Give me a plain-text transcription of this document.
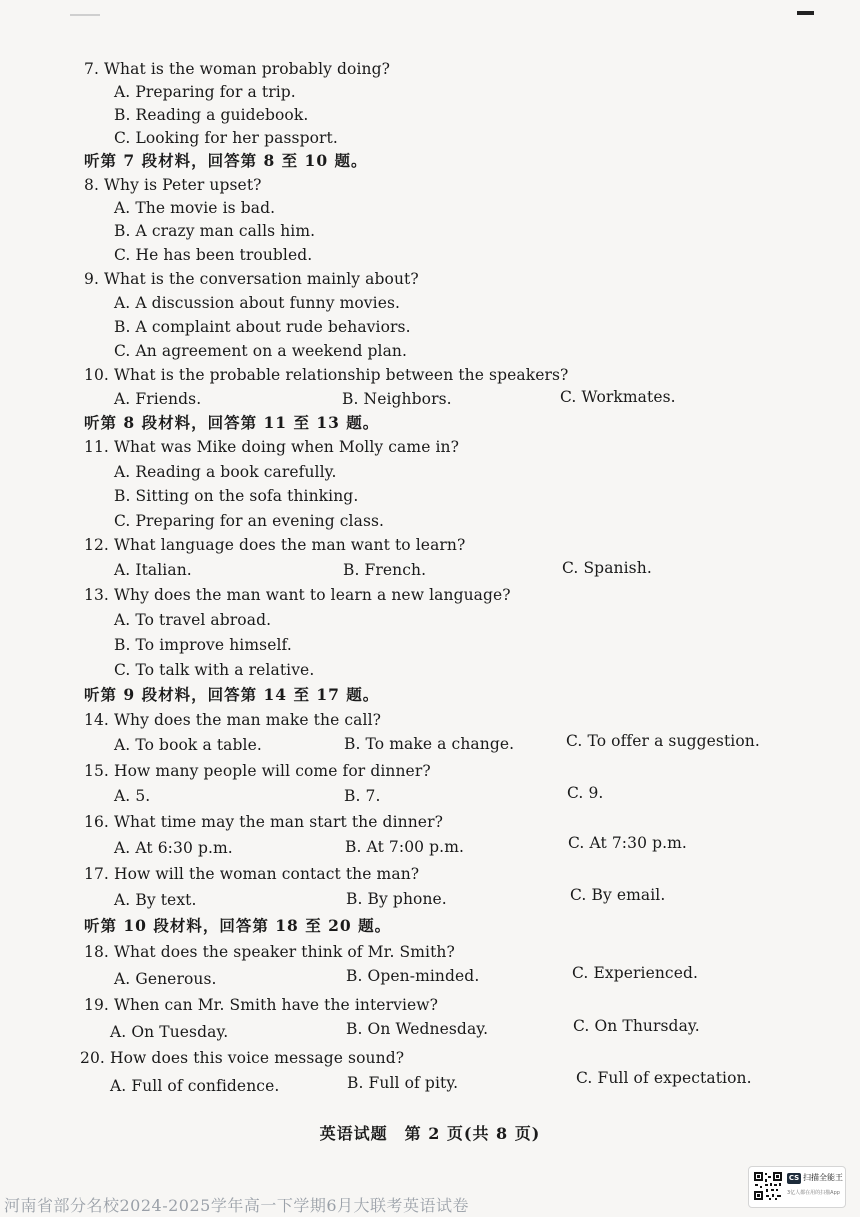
7. What is the woman probably doing?
A. Preparing for a trip.
B. Reading a guidebook.
C. Looking for her passport.
听第 7 段材料，回答第 8 至 10 题。
8. Why is Peter upset?
A. The movie is bad.
B. A crazy man calls him.
C. He has been troubled.
9. What is the conversation mainly about?
A. A discussion about funny movies.
B. A complaint about rude behaviors.
C. An agreement on a weekend plan.
10. What is the probable relationship between the speakers?
A. Friends.	B. Neighbors.	C. Workmates.
听第 8 段材料，回答第 11 至 13 题。
11. What was Mike doing when Molly came in?
A. Reading a book carefully.
B. Sitting on the sofa thinking.
C. Preparing for an evening class.
12. What language does the man want to learn?
A. Italian.	B. French.	C. Spanish.
13. Why does the man want to learn a new language?
A. To travel abroad.
B. To improve himself.
C. To talk with a relative.
听第 9 段材料，回答第 14 至 17 题。
14. Why does the man make the call?
A. To book a table.	B. To make a change.	C. To offer a suggestion.
15. How many people will come for dinner?
A. 5.	B. 7.	C. 9.
16. What time may the man start the dinner?
A. At 6:30 p.m.	B. At 7:00 p.m.	C. At 7:30 p.m.
17. How will the woman contact the man?
A. By text.	B. By phone.	C. By email.
听第 10 段材料，回答第 18 至 20 题。
18. What does the speaker think of Mr. Smith?
A. Generous.	B. Open-minded.	C. Experienced.
19. When can Mr. Smith have the interview?
A. On Tuesday.	B. On Wednesday.	C. On Thursday.
20. How does this voice message sound?
A. Full of confidence.	B. Full of pity.	C. Full of expectation.
英语试题　第 2 页(共 8 页)
河南省部分名校2024-2025学年高一下学期6月大联考英语试卷
CS 扫描全能王
3亿人都在用的扫描App
